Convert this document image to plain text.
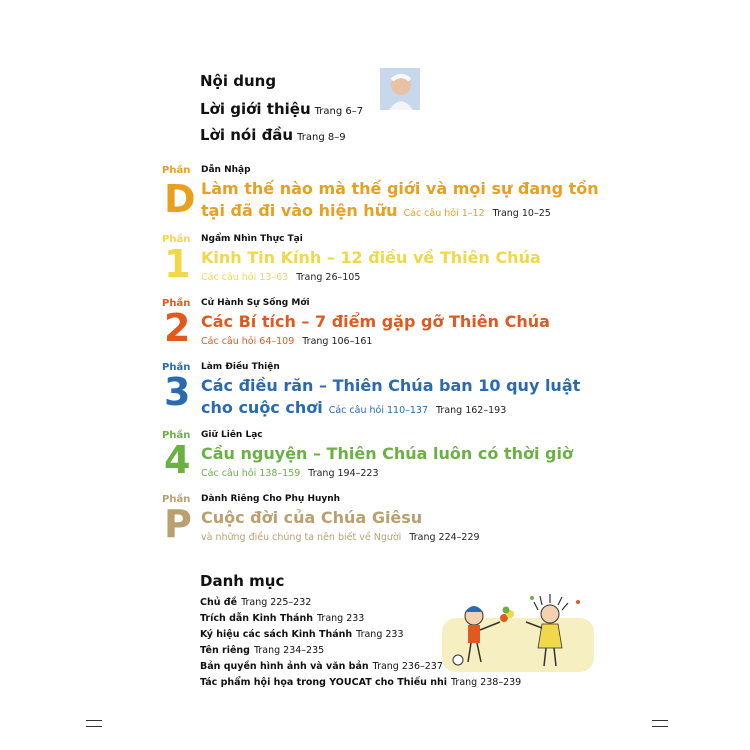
Nội dung
Lời giới thiệu Trang 6–7
Lời nói đầu Trang 8–9
Phần
D
Dẫn Nhập
Làm thế nào mà thế giới và mọi sự đang tồn
tại đã đi vào hiện hữu Các câu hỏi 1–12 Trang 10–25
Phần
1
Ngẩm Nhìn Thực Tại
Kinh Tin Kính – 12 điều về Thiên Chúa
Các câu hỏi 13–63 Trang 26–105
Phần
2
Cử Hành Sự Sống Mới
Các Bí tích – 7 điểm gặp gỡ Thiên Chúa
Các câu hỏi 64–109 Trang 106–161
Phần
3
Làm Điều Thiện
Các điều răn – Thiên Chúa ban 10 quy luật
cho cuộc chơi Các câu hỏi 110–137 Trang 162–193
Phần
4
Giữ Liên Lạc
Cầu nguyện – Thiên Chúa luôn có thời giờ
Các câu hỏi 138–159 Trang 194–223
Phần
P
Dành Riêng Cho Phụ Huynh
Cuộc đời của Chúa Giêsu
và những điều chúng ta nên biết về Người Trang 224–229
Danh mục
Chủ đề Trang 225–232
Trích dẫn Kinh Thánh Trang 233
Ký hiệu các sách Kinh Thánh Trang 233
Tên riêng Trang 234–235
Bản quyền hình ảnh và văn bản Trang 236–237
Tác phẩm hội họa trong YOUCAT cho Thiếu nhi Trang 238–239
